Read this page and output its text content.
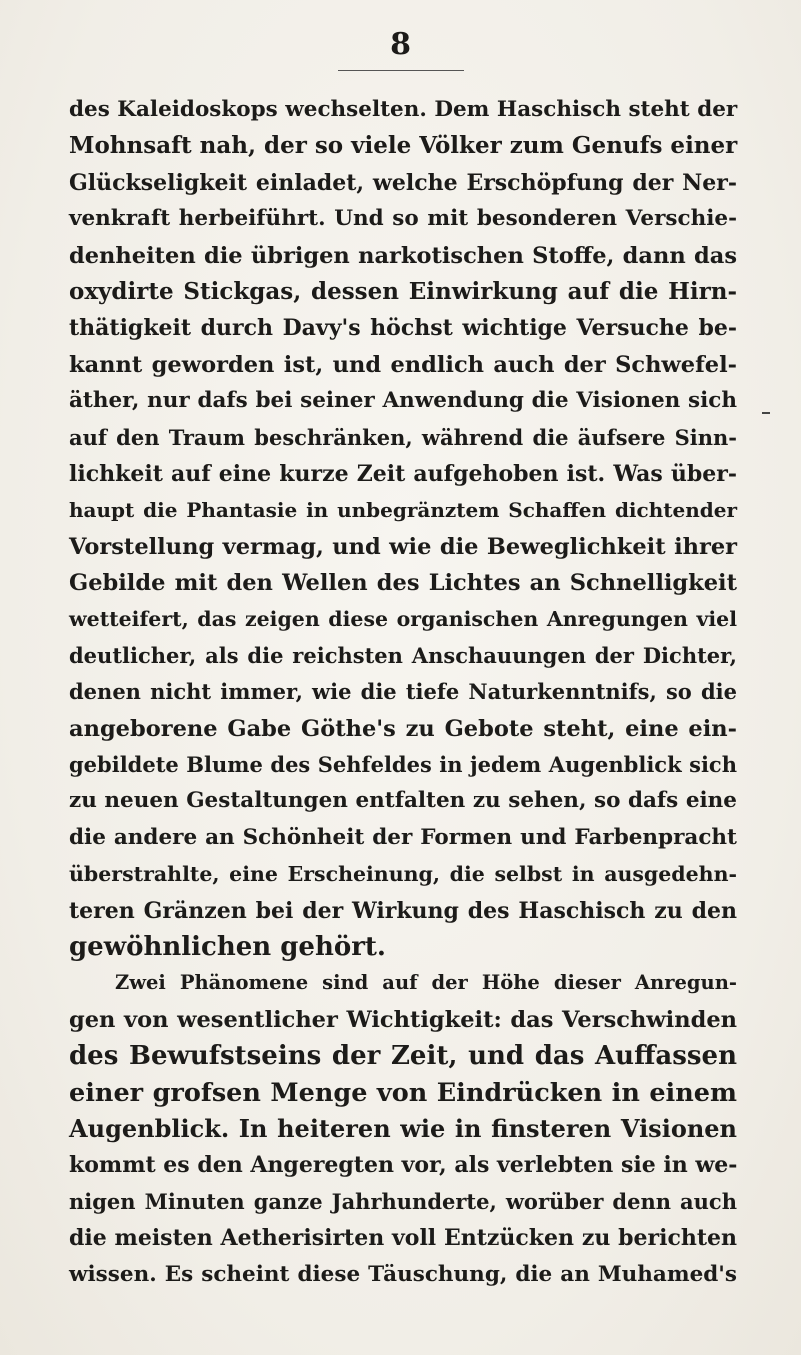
8
des Kaleidoskops wechselten. Dem Haschisch steht der
Mohnsaft nah, der so viele Völker zum Genufs einer
Glückseligkeit einladet, welche Erschöpfung der Ner-
venkraft herbeiführt. Und so mit besonderen Verschie-
denheiten die übrigen narkotischen Stoffe, dann das
oxydirte Stickgas, dessen Einwirkung auf die Hirn-
thätigkeit durch Davy's höchst wichtige Versuche be-
kannt geworden ist, und endlich auch der Schwefel-
äther, nur dafs bei seiner Anwendung die Visionen sich
auf den Traum beschränken, während die äufsere Sinn-
lichkeit auf eine kurze Zeit aufgehoben ist. Was über-
haupt die Phantasie in unbegränztem Schaffen dichtender
Vorstellung vermag, und wie die Beweglichkeit ihrer
Gebilde mit den Wellen des Lichtes an Schnelligkeit
wetteifert, das zeigen diese organischen Anregungen viel
deutlicher, als die reichsten Anschauungen der Dichter,
denen nicht immer, wie die tiefe Naturkenntnifs, so die
angeborene Gabe Göthe's zu Gebote steht, eine ein-
gebildete Blume des Sehfeldes in jedem Augenblick sich
zu neuen Gestaltungen entfalten zu sehen, so dafs eine
die andere an Schönheit der Formen und Farbenpracht
überstrahlte, eine Erscheinung, die selbst in ausgedehn-
teren Gränzen bei der Wirkung des Haschisch zu den
gewöhnlichen gehört.
Zwei Phänomene sind auf der Höhe dieser Anregun-
gen von wesentlicher Wichtigkeit: das Verschwinden
des Bewufstseins der Zeit, und das Auffassen
einer grofsen Menge von Eindrücken in einem
Augenblick. In heiteren wie in finsteren Visionen
kommt es den Angeregten vor, als verlebten sie in we-
nigen Minuten ganze Jahrhunderte, worüber denn auch
die meisten Aetherisirten voll Entzücken zu berichten
wissen. Es scheint diese Täuschung, die an Muhamed's
